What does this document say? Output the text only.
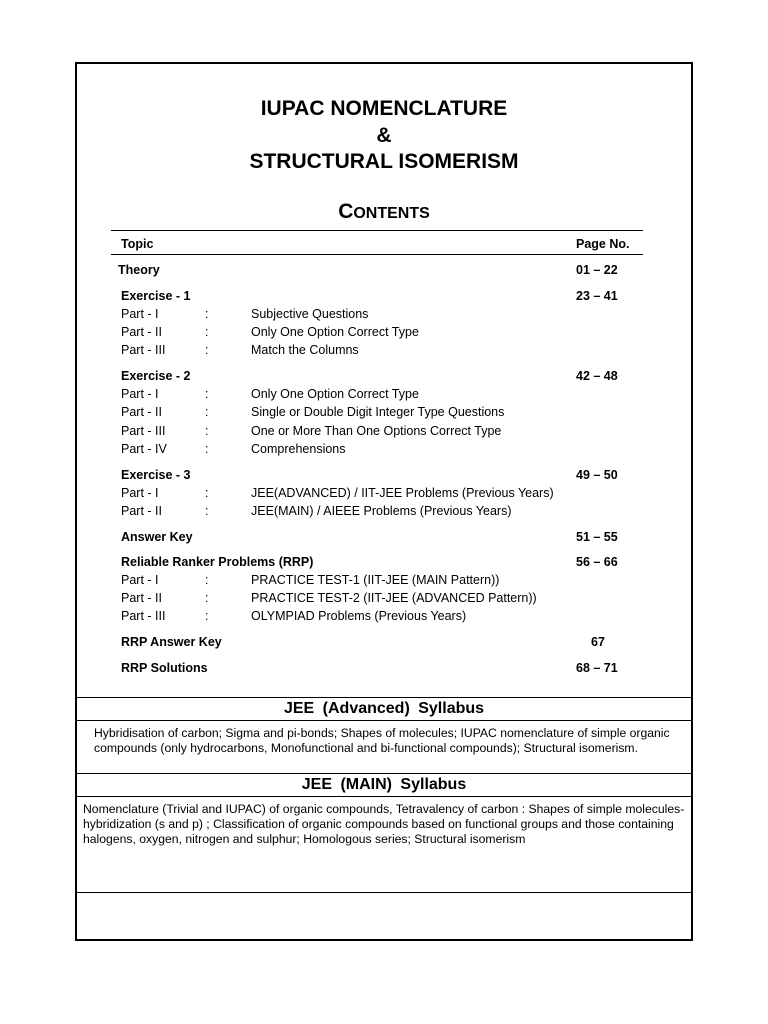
IUPAC NOMENCLATURE
&
STRUCTURAL ISOMERISM
CONTENTS
Topic	Page No.
Theory	01 – 22
Exercise - 1	23 – 41
Part - I	:	Subjective Questions
Part - II	:	Only One Option Correct Type
Part - III	:	Match the Columns
Exercise - 2	42 – 48
Part - I	:	Only One Option Correct Type
Part - II	:	Single or Double Digit Integer Type Questions
Part - III	:	One or More Than One Options Correct Type
Part - IV	:	Comprehensions
Exercise - 3	49 – 50
Part - I	:	JEE(ADVANCED) / IIT-JEE Problems (Previous Years)
Part - II	:	JEE(MAIN) / AIEEE Problems (Previous Years)
Answer Key	51 – 55
Reliable Ranker Problems (RRP)	56 – 66
Part - I	:	PRACTICE TEST-1 (IIT-JEE (MAIN Pattern))
Part - II	:	PRACTICE TEST-2 (IIT-JEE (ADVANCED Pattern))
Part - III	:	OLYMPIAD Problems (Previous Years)
RRP Answer Key	67
RRP Solutions	68 – 71
JEE (Advanced) Syllabus
Hybridisation of carbon; Sigma and pi-bonds; Shapes of molecules; IUPAC nomenclature of simple organic
compounds (only hydrocarbons, Monofunctional and bi-functional compounds); Structural isomerism.
JEE (MAIN) Syllabus
Nomenclature (Trivial and IUPAC) of organic compounds, Tetravalency of carbon : Shapes of simple molecules-
hybridization (s and p) ; Classification of organic compounds based on functional groups and those containing
halogens, oxygen, nitrogen and sulphur; Homologous series; Structural isomerism
